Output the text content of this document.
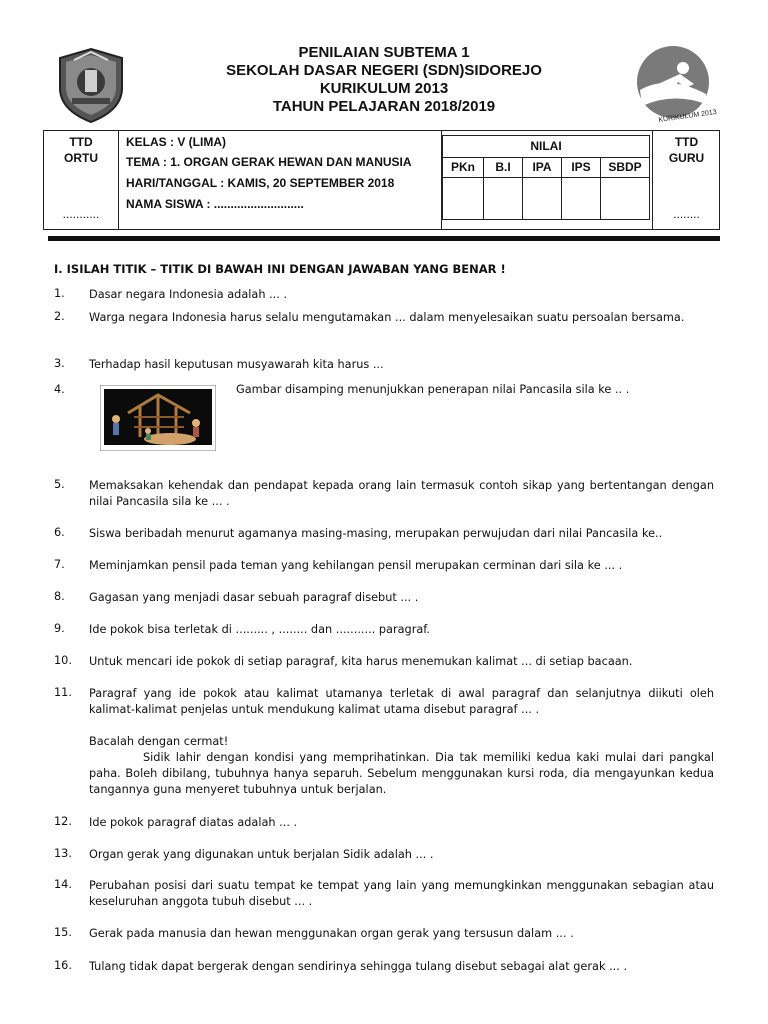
PENILAIAN SUBTEMA 1
SEKOLAH DASAR NEGERI (SDN)SIDOREJO
KURIKULUM 2013
TAHUN PELAJARAN 2018/2019
KURIKULUM 2013
TTD
ORTU
...........
KELAS : V (LIMA)
TEMA : 1. ORGAN GERAK HEWAN DAN MANUSIA
HARI/TANGGAL : KAMIS, 20 SEPTEMBER 2018
NAMA SISWA : ...........................
NILAI
PKn	B.I	IPA	IPS	SBDP
TTD
GURU
........
I. ISILAH TITIK – TITIK DI BAWAH INI DENGAN JAWABAN YANG BENAR !
1.	Dasar negara Indonesia adalah ... .
2.	Warga negara Indonesia harus selalu mengutamakan ... dalam menyelesaikan suatu persoalan bersama.
3.	Terhadap hasil keputusan musyawarah kita harus ...
4.	Gambar disamping menunjukkan penerapan nilai Pancasila sila ke .. .
5.	Memaksakan kehendak dan pendapat kepada orang lain termasuk contoh sikap yang bertentangan dengan nilai Pancasila sila ke ... .
6.	Siswa beribadah menurut agamanya masing-masing, merupakan perwujudan dari nilai Pancasila ke..
7.	Meminjamkan pensil pada teman yang kehilangan pensil merupakan cerminan dari sila ke ... .
8.	Gagasan yang menjadi dasar sebuah paragraf disebut ... .
9.	Ide pokok bisa terletak di ......... , ........ dan ........... paragraf.
10.	Untuk mencari ide pokok di setiap paragraf, kita harus menemukan kalimat ... di setiap bacaan.
11.	Paragraf yang ide pokok atau kalimat utamanya terletak di awal paragraf dan selanjutnya diikuti oleh kalimat-kalimat penjelas untuk mendukung kalimat utama disebut paragraf ... .
Bacalah dengan cermat!
Sidik lahir dengan kondisi yang memprihatinkan. Dia tak memiliki kedua kaki mulai dari pangkal paha. Boleh dibilang, tubuhnya hanya separuh. Sebelum menggunakan kursi roda, dia mengayunkan kedua tangannya guna menyeret tubuhnya untuk berjalan.
12.	Ide pokok paragraf diatas adalah ... .
13.	Organ gerak yang digunakan untuk berjalan Sidik adalah ... .
14.	Perubahan posisi dari suatu tempat ke tempat yang lain yang memungkinkan menggunakan sebagian atau keseluruhan anggota tubuh disebut ... .
15.	Gerak pada manusia dan hewan menggunakan organ gerak yang tersusun dalam ... .
16.	Tulang tidak dapat bergerak dengan sendirinya sehingga tulang disebut sebagai alat gerak ... .
